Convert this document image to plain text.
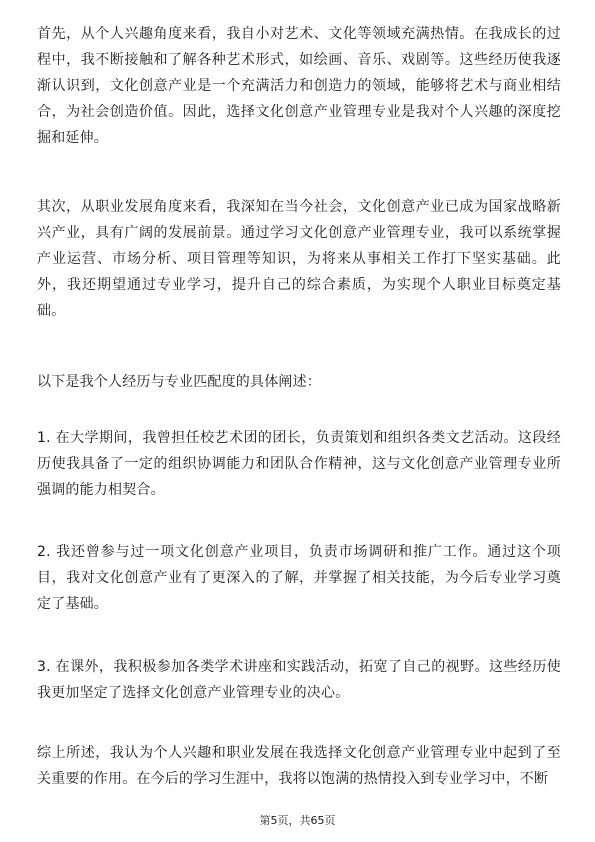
首先，从个人兴趣角度来看，我自小对艺术、文化等领域充满热情。在我成长的过程中，我不断接触和了解各种艺术形式，如绘画、音乐、戏剧等。这些经历使我逐渐认识到，文化创意产业是一个充满活力和创造力的领域，能够将艺术与商业相结合，为社会创造价值。因此，选择文化创意产业管理专业是我对个人兴趣的深度挖掘和延伸。

其次，从职业发展角度来看，我深知在当今社会，文化创意产业已成为国家战略新兴产业，具有广阔的发展前景。通过学习文化创意产业管理专业，我可以系统掌握产业运营、市场分析、项目管理等知识，为将来从事相关工作打下坚实基础。此外，我还期望通过专业学习，提升自己的综合素质，为实现个人职业目标奠定基础。

以下是我个人经历与专业匹配度的具体阐述：

1. 在大学期间，我曾担任校艺术团的团长，负责策划和组织各类文艺活动。这段经历使我具备了一定的组织协调能力和团队合作精神，这与文化创意产业管理专业所强调的能力相契合。

2. 我还曾参与过一项文化创意产业项目，负责市场调研和推广工作。通过这个项目，我对文化创意产业有了更深入的了解，并掌握了相关技能，为今后专业学习奠定了基础。

3. 在课外，我积极参加各类学术讲座和实践活动，拓宽了自己的视野。这些经历使我更加坚定了选择文化创意产业管理专业的决心。

综上所述，我认为个人兴趣和职业发展在我选择文化创意产业管理专业中起到了至关重要的作用。在今后的学习生涯中，我将以饱满的热情投入到专业学习中，不断

第5页，共65页
